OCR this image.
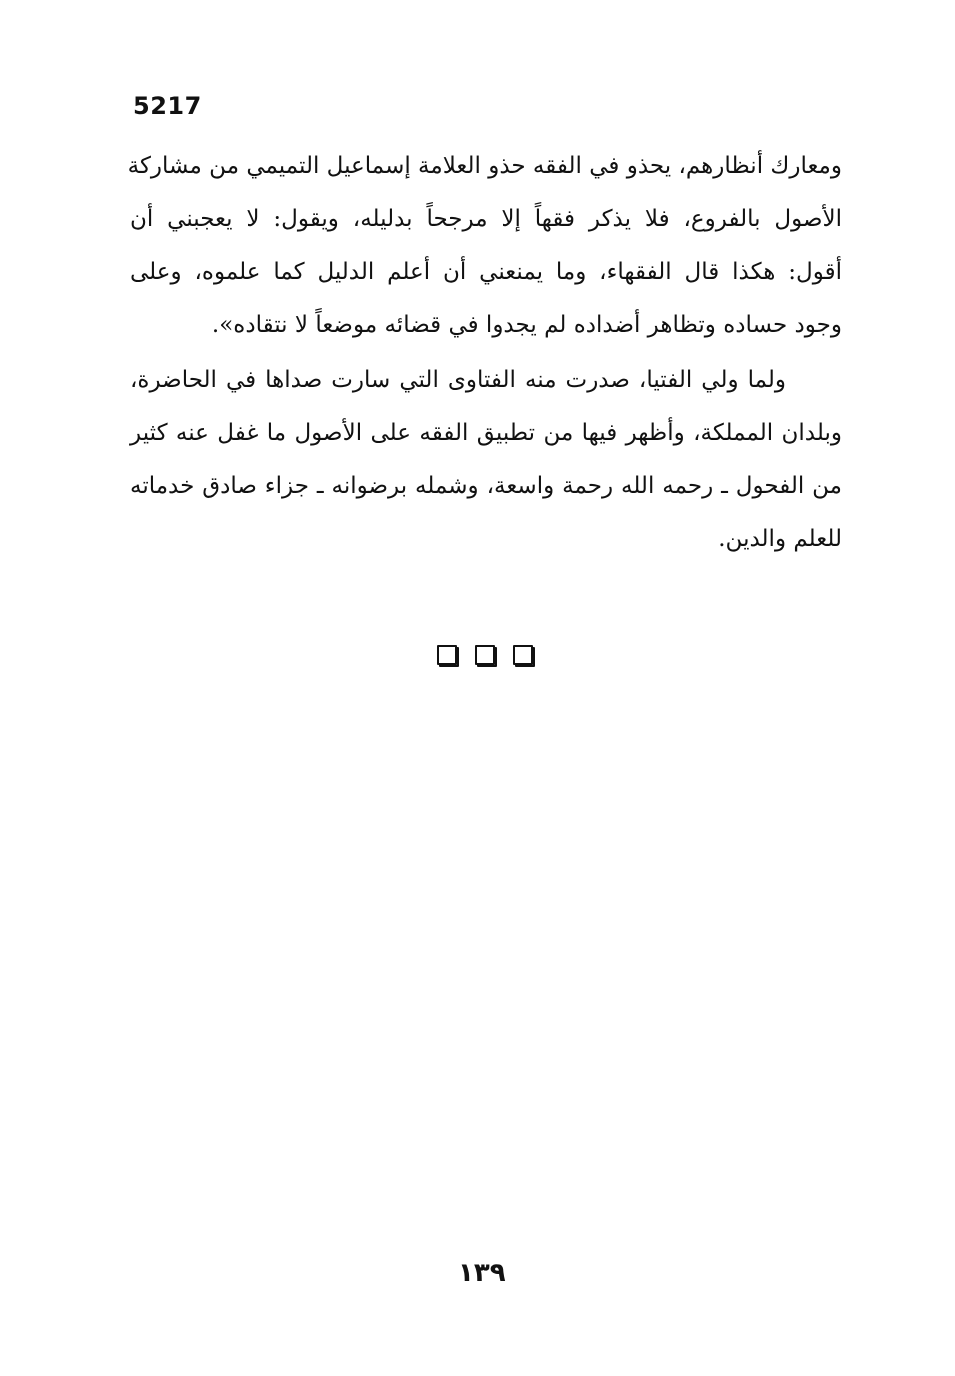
5217
ومعارك أنظارهم، يحذو في الفقه حذو العلامة إسماعيل التميمي من مشاركة
الأصول بالفروع، فلا يذكر فقهاً إلا مرجحاً بدليله، ويقول: لا يعجبني أن
أقول: هكذا قال الفقهاء، وما يمنعني أن أعلم الدليل كما علموه، وعلى
وجود حساده وتظاهر أضداده لم يجدوا في قضائه موضعاً لا نتقاده».
ولما ولي الفتيا، صدرت منه الفتاوى التي سارت صداها في الحاضرة،
وبلدان المملكة، وأظهر فيها من تطبيق الفقه على الأصول ما غفل عنه كثير
من الفحول ـ رحمه الله رحمة واسعة، وشمله برضوانه ـ جزاء صادق خدماته
للعلم والدين.
١٣٩
